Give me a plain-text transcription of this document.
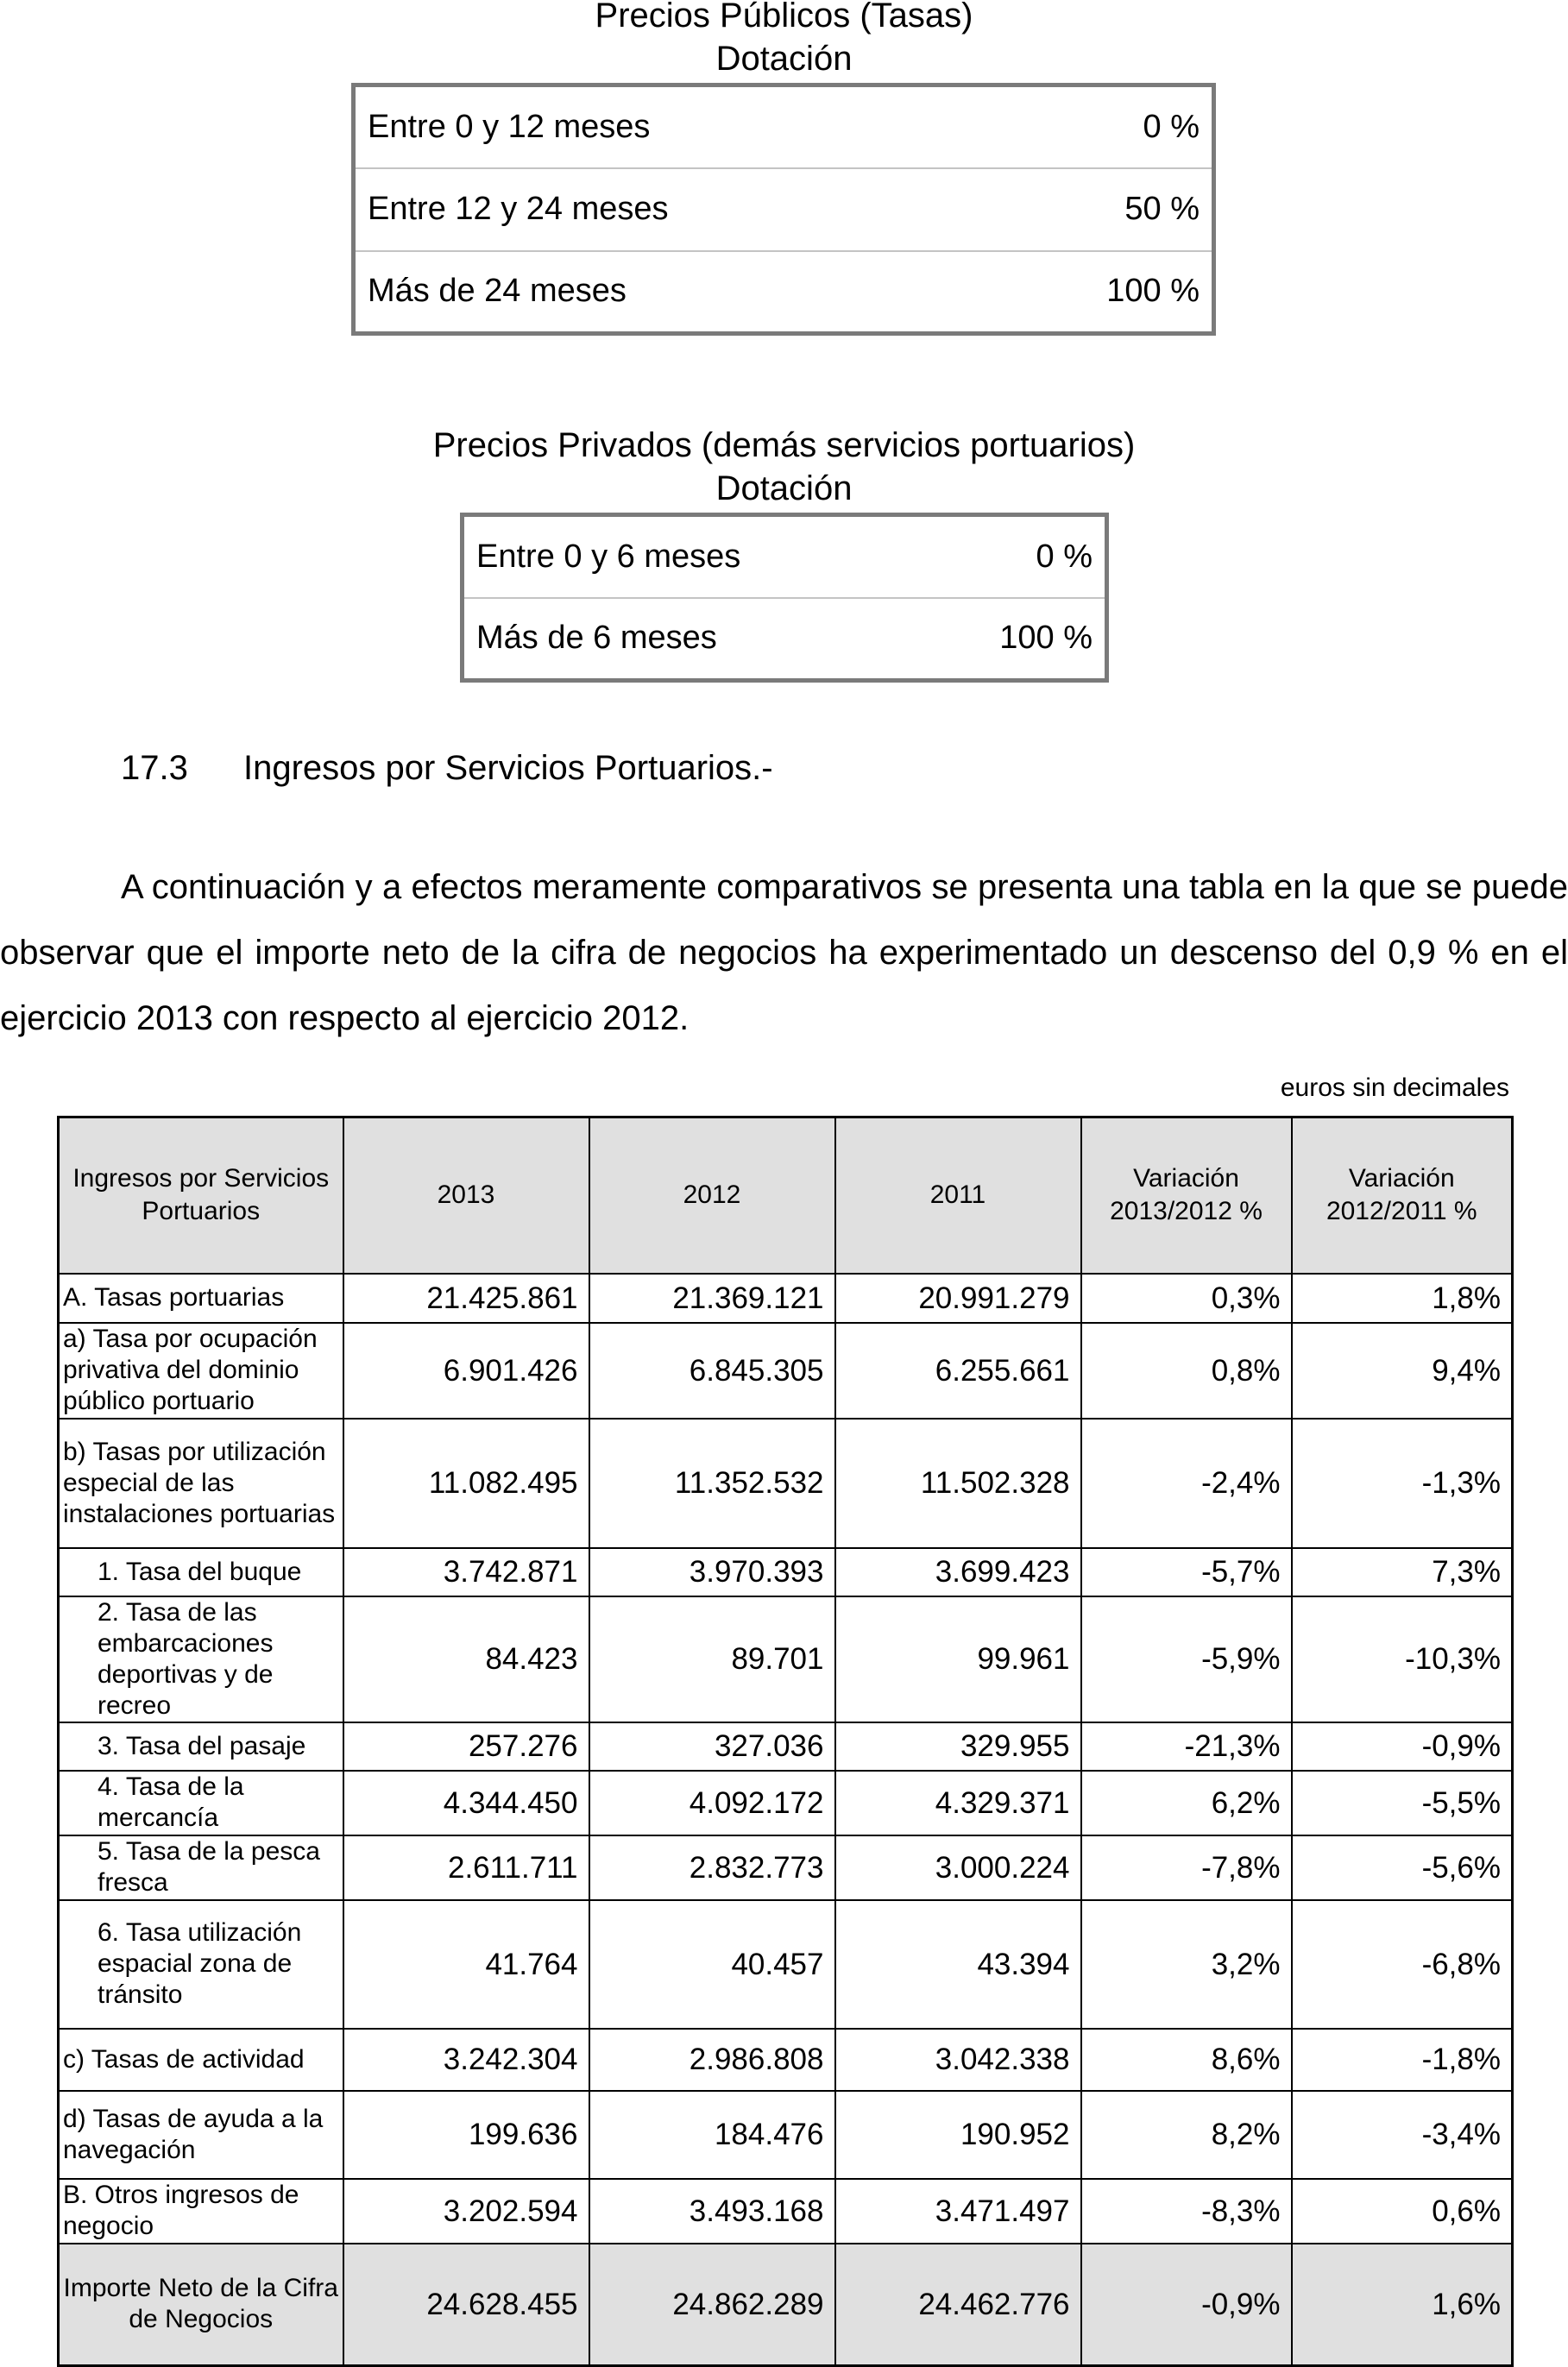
Precios Públicos (Tasas)
Dotación
Entre 0 y 12 meses	0 %
Entre 12 y 24 meses	50 %
Más de 24 meses	100 %
Precios Privados (demás servicios portuarios)
Dotación
Entre 0 y 6 meses	0 %
Más de 6 meses	100 %
17.3 Ingresos por Servicios Portuarios.-

A continuación y a efectos meramente comparativos se presenta una tabla en la que se puede observar que el importe neto de la cifra de negocios ha experimentado un descenso del 0,9 % en el ejercicio 2013 con respecto al ejercicio 2012.

euros sin decimales
Ingresos por Servicios Portuarios	2013	2012	2011	Variación 2013/2012 %	Variación 2012/2011 %
A. Tasas portuarias	21.425.861	21.369.121	20.991.279	0,3%	1,8%
a) Tasa por ocupación privativa del dominio público portuario	6.901.426	6.845.305	6.255.661	0,8%	9,4%
b) Tasas por utilización especial de las instalaciones portuarias	11.082.495	11.352.532	11.502.328	-2,4%	-1,3%
1. Tasa del buque	3.742.871	3.970.393	3.699.423	-5,7%	7,3%
2. Tasa de las embarcaciones deportivas y de recreo	84.423	89.701	99.961	-5,9%	-10,3%
3. Tasa del pasaje	257.276	327.036	329.955	-21,3%	-0,9%
4. Tasa de la mercancía	4.344.450	4.092.172	4.329.371	6,2%	-5,5%
5. Tasa de la pesca fresca	2.611.711	2.832.773	3.000.224	-7,8%	-5,6%
6. Tasa utilización espacial zona de tránsito	41.764	40.457	43.394	3,2%	-6,8%
c) Tasas de actividad	3.242.304	2.986.808	3.042.338	8,6%	-1,8%
d) Tasas de ayuda a la navegación	199.636	184.476	190.952	8,2%	-3,4%
B. Otros ingresos de negocio	3.202.594	3.493.168	3.471.497	-8,3%	0,6%
Importe Neto de la Cifra de Negocios	24.628.455	24.862.289	24.462.776	-0,9%	1,6%
